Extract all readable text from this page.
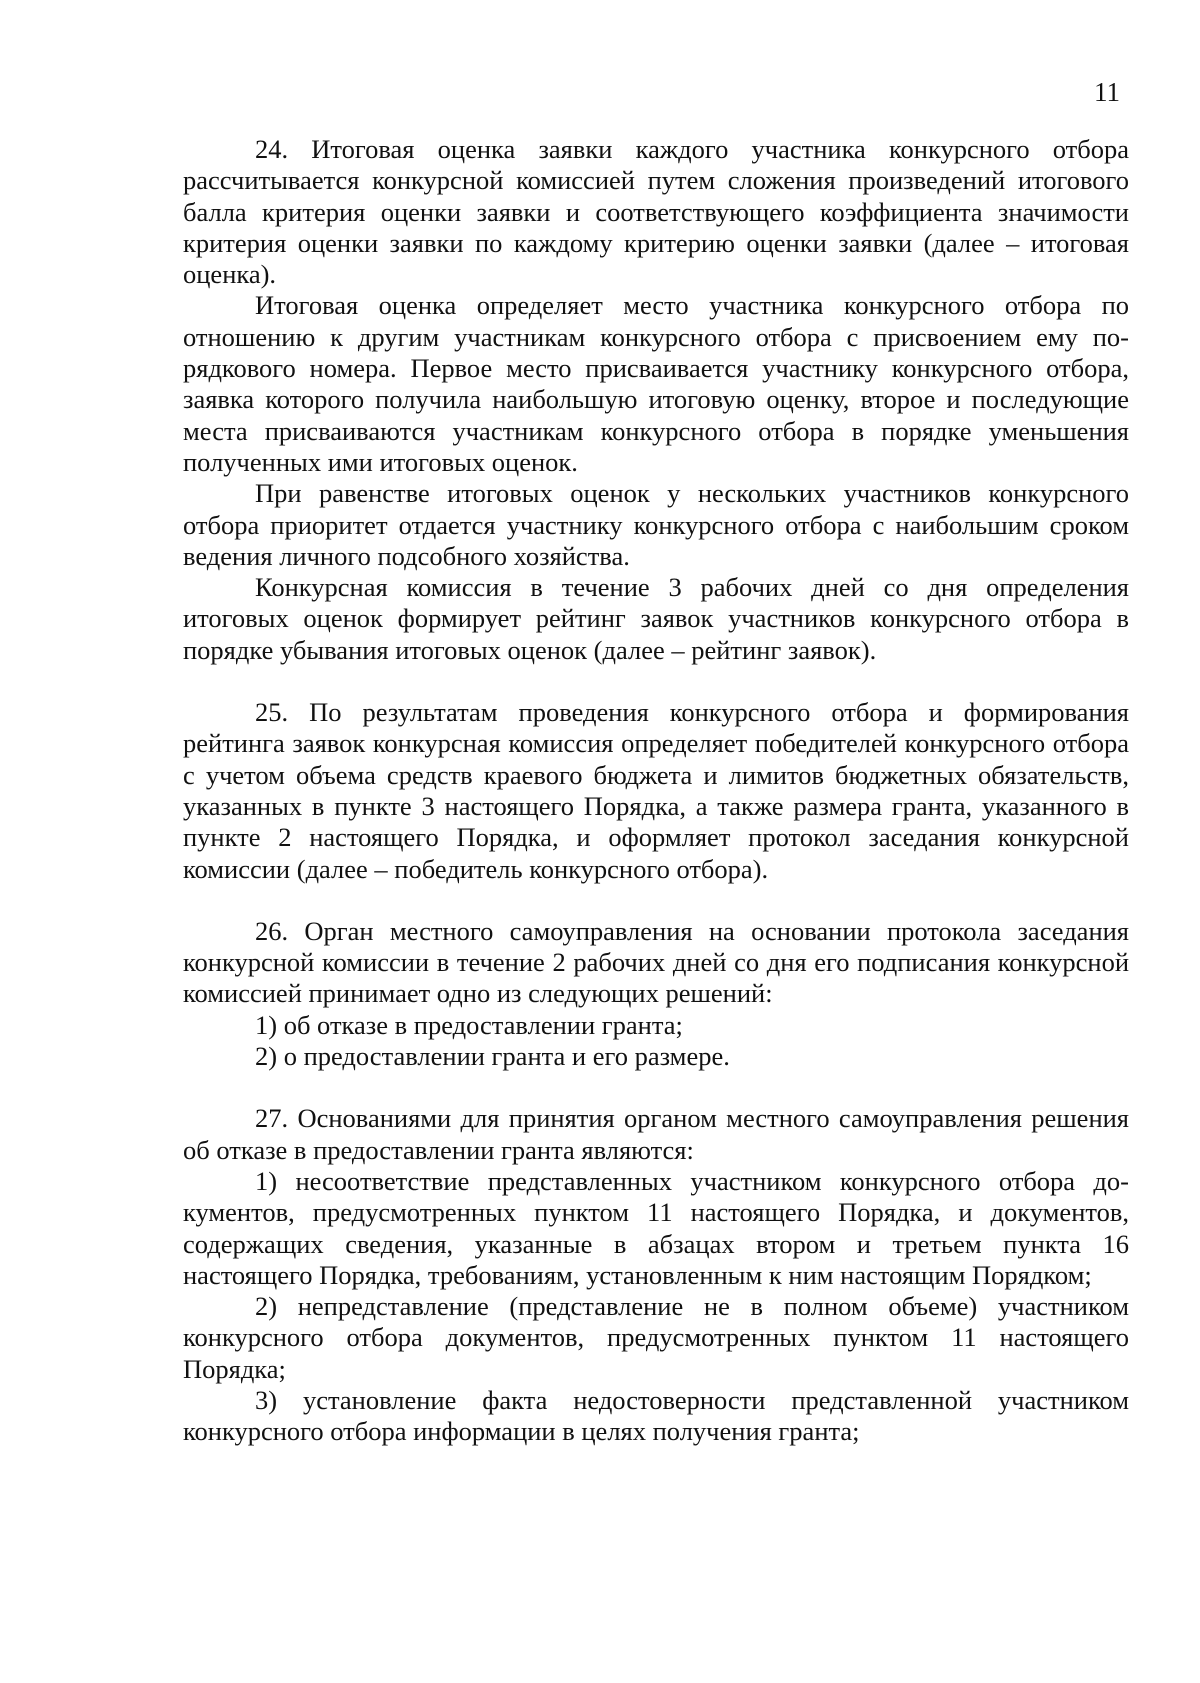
11

24. Итоговая оценка заявки каждого участника конкурсного отбора рассчитывается конкурсной комиссией путем сложения произведений итогового балла критерия оценки заявки и соответствующего коэффициента значимости критерия оценки заявки по каждому критерию оценки заявки (далее – итоговая оценка).

Итоговая оценка определяет место участника конкурсного отбора по отношению к другим участникам конкурсного отбора с присвоением ему порядкового номера. Первое место присваивается участнику конкурсного отбора, заявка которого получила наибольшую итоговую оценку, второе и последующие места присваиваются участникам конкурсного отбора в порядке уменьшения полученных ими итоговых оценок.

При равенстве итоговых оценок у нескольких участников конкурсного отбора приоритет отдается участнику конкурсного отбора с наибольшим сроком ведения личного подсобного хозяйства.

Конкурсная комиссия в течение 3 рабочих дней со дня определения итоговых оценок формирует рейтинг заявок участников конкурсного отбора в порядке убывания итоговых оценок (далее – рейтинг заявок).

25. По результатам проведения конкурсного отбора и формирования рейтинга заявок конкурсная комиссия определяет победителей конкурсного отбора с учетом объема средств краевого бюджета и лимитов бюджетных обязательств, указанных в пункте 3 настоящего Порядка, а также размера гранта, указанного в пункте 2 настоящего Порядка, и оформляет протокол заседания конкурсной комиссии (далее – победитель конкурсного отбора).

26. Орган местного самоуправления на основании протокола заседания конкурсной комиссии в течение 2 рабочих дней со дня его подписания конкурсной комиссией принимает одно из следующих решений:

1) об отказе в предоставлении гранта;

2) о предоставлении гранта и его размере.

27. Основаниями для принятия органом местного самоуправления решения об отказе в предоставлении гранта являются:

1) несоответствие представленных участником конкурсного отбора документов, предусмотренных пунктом 11 настоящего Порядка, и документов, содержащих сведения, указанные в абзацах втором и третьем пункта 16 настоящего Порядка, требованиям, установленным к ним настоящим Порядком;

2) непредставление (представление не в полном объеме) участником конкурсного отбора документов, предусмотренных пунктом 11 настоящего Порядка;

3) установление факта недостоверности представленной участником конкурсного отбора информации в целях получения гранта;
